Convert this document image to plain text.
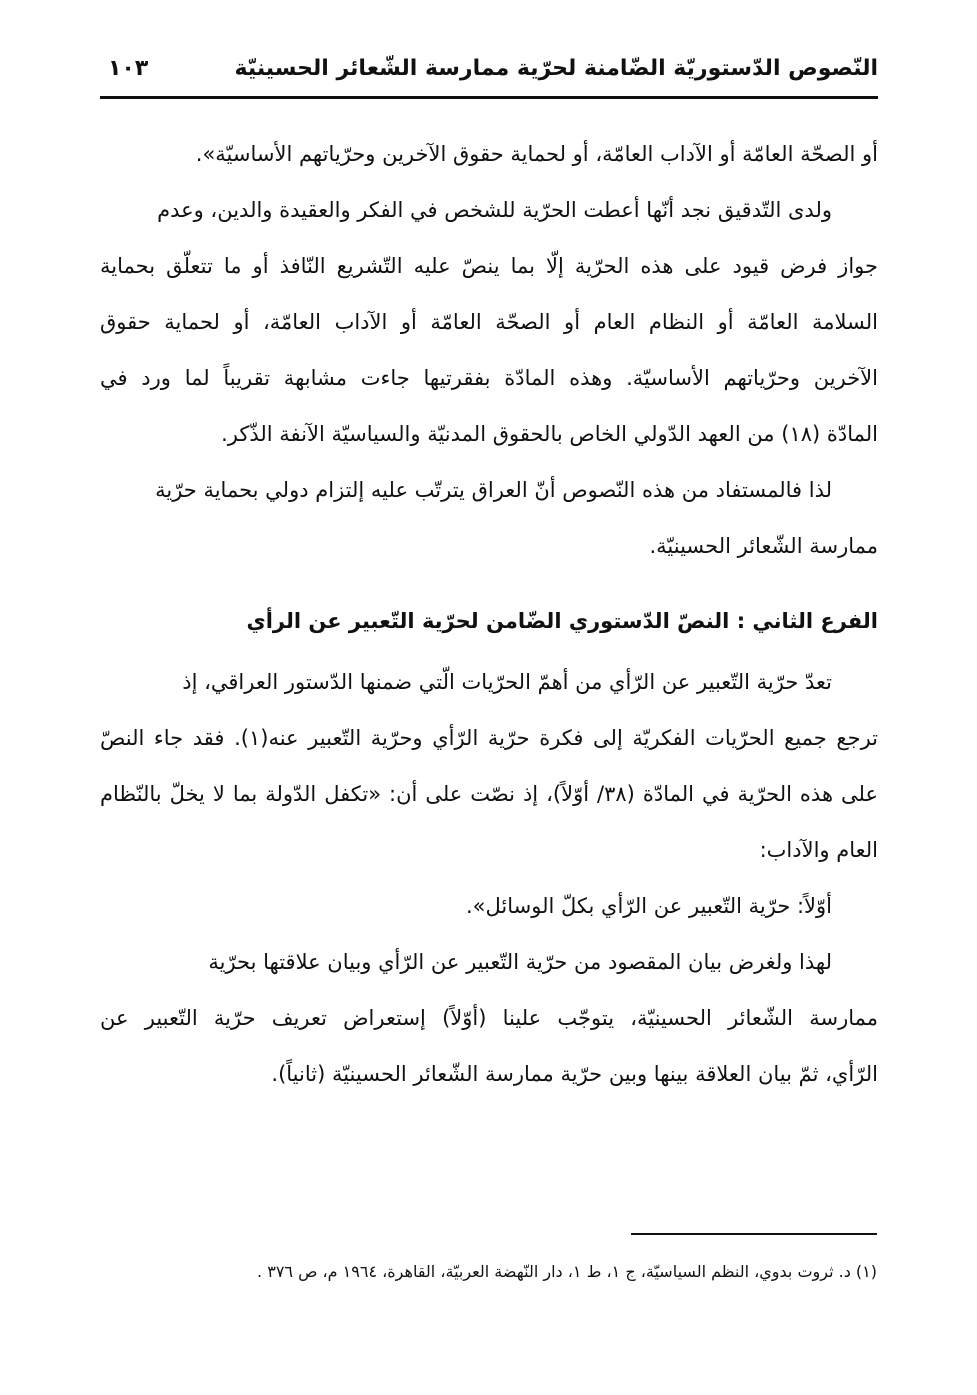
النّصوص الدّستوريّة الضّامنة لحرّية ممارسة الشّعائر الحسينيّة
١٠٣
أو الصحّة العامّة أو الآداب العامّة، أو لحماية حقوق الآخرين وحرّياتهم الأساسيّة».
ولدى التّدقيق نجد أنّها أعطت الحرّية للشخص في الفكر والعقيدة والدين، وعدم
جواز فرض قيود على هذه الحرّية إلّا بما ينصّ عليه التّشريع النّافذ أو ما تتعلّق بحماية
السلامة العامّة أو النظام العام أو الصحّة العامّة أو الآداب العامّة، أو لحماية حقوق
الآخرين وحرّياتهم الأساسيّة. وهذه المادّة بفقرتيها جاءت مشابهة تقريباً لما ورد في
المادّة (١٨) من العهد الدّولي الخاص بالحقوق المدنيّة والسياسيّة الآنفة الذّكر.
لذا فالمستفاد من هذه النّصوص أنّ العراق يترتّب عليه إلتزام دولي بحماية حرّية
ممارسة الشّعائر الحسينيّة.
الفرع الثاني : النصّ الدّستوري الضّامن لحرّية التّعبير عن الرأي
تعدّ حرّية التّعبير عن الرّأي من أهمّ الحرّيات الّتي ضمنها الدّستور العراقي، إذ
ترجع جميع الحرّيات الفكريّة إلى فكرة حرّية الرّأي وحرّية التّعبير عنه(١). فقد جاء النصّ
على هذه الحرّية في المادّة (٣٨/ أوّلاً)، إذ نصّت على أن: «تكفل الدّولة بما لا يخلّ بالنّظام
العام والآداب:
أوّلاً: حرّية التّعبير عن الرّأي بكلّ الوسائل».
لهذا ولغرض بيان المقصود من حرّية التّعبير عن الرّأي وبيان علاقتها بحرّية
ممارسة الشّعائر الحسينيّة، يتوجّب علينا (أوّلاً) إستعراض تعريف حرّية التّعبير عن
الرّأي، ثمّ بيان العلاقة بينها وبين حرّية ممارسة الشّعائر الحسينيّة (ثانياً).
(١) د. ثروت بدوي، النظم السياسيّة، ج ١، ط ١، دار النّهضة العربيّة، القاهرة، ١٩٦٤ م، ص ٣٧٦ .
